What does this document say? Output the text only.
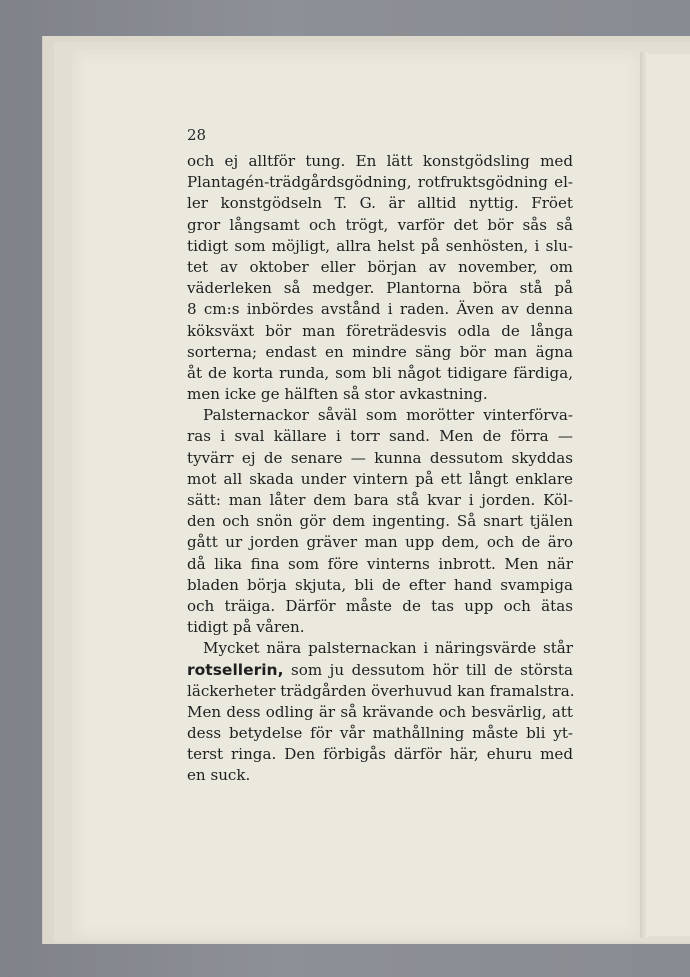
28
och ej alltför tung. En lätt konstgödsling med
Plantagén-trädgårdsgödning, rotfruktsgödning el-
ler konstgödseln T. G. är alltid nyttig. Fröet
gror långsamt och trögt, varför det bör sås så
tidigt som möjligt, allra helst på senhösten, i slu-
tet av oktober eller början av november, om
väderleken så medger. Plantorna böra stå på
8 cm:s inbördes avstånd i raden. Även av denna
köksväxt bör man företrädesvis odla de långa
sorterna; endast en mindre säng bör man ägna
åt de korta runda, som bli något tidigare färdiga,
men icke ge hälften så stor avkastning.
Palsternackor såväl som morötter vinterförva-
ras i sval källare i torr sand. Men de förra —
tyvärr ej de senare — kunna dessutom skyddas
mot all skada under vintern på ett långt enklare
sätt: man låter dem bara stå kvar i jorden. Köl-
den och snön gör dem ingenting. Så snart tjälen
gått ur jorden gräver man upp dem, och de äro
då lika fina som före vinterns inbrott. Men när
bladen börja skjuta, bli de efter hand svampiga
och träiga. Därför måste de tas upp och ätas
tidigt på våren.
Mycket nära palsternackan i näringsvärde står
rotsellerin, som ju dessutom hör till de största
läckerheter trädgården överhuvud kan framalstra.
Men dess odling är så krävande och besvärlig, att
dess betydelse för vår mathållning måste bli yt-
terst ringa. Den förbigås därför här, ehuru med
en suck.
